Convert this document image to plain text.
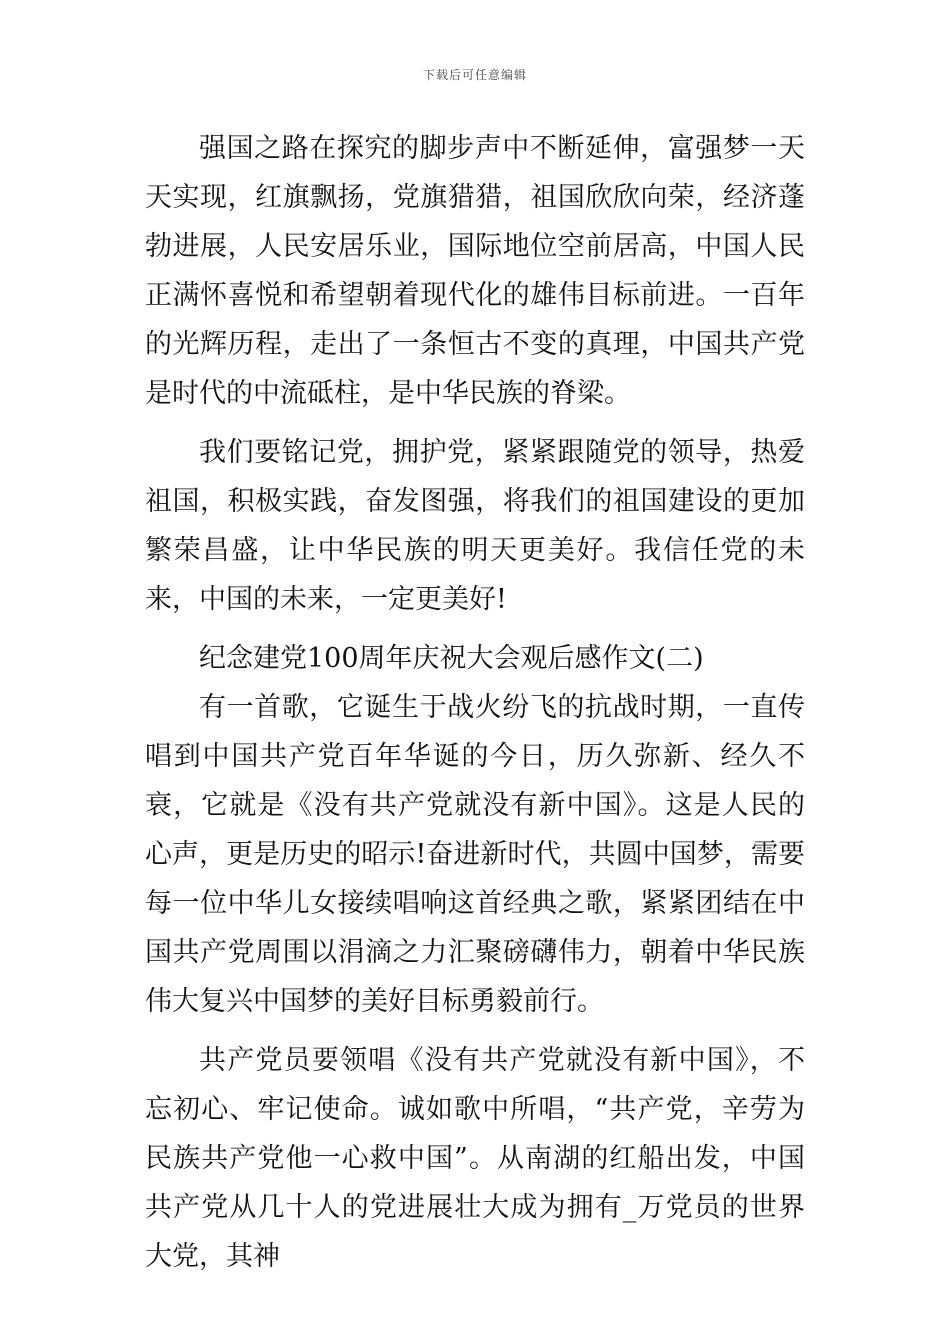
下载后可任意编辑

强国之路在探究的脚步声中不断延伸，富强梦一天天实现，红旗飘扬，党旗猎猎，祖国欣欣向荣，经济蓬勃进展，人民安居乐业，国际地位空前居高，中国人民正满怀喜悦和希望朝着现代化的雄伟目标前进。一百年的光辉历程，走出了一条恒古不变的真理，中国共产党是时代的中流砥柱，是中华民族的脊梁。

我们要铭记党，拥护党，紧紧跟随党的领导，热爱祖国，积极实践，奋发图强，将我们的祖国建设的更加繁荣昌盛，让中华民族的明天更美好。我信任党的未来，中国的未来，一定更美好!

纪念建党100周年庆祝大会观后感作文(二)

有一首歌，它诞生于战火纷飞的抗战时期，一直传唱到中国共产党百年华诞的今日，历久弥新、经久不衰，它就是《没有共产党就没有新中国》。这是人民的心声，更是历史的昭示!奋进新时代，共圆中国梦，需要每一位中华儿女接续唱响这首经典之歌，紧紧团结在中国共产党周围以涓滴之力汇聚磅礴伟力，朝着中华民族伟大复兴中国梦的美好目标勇毅前行。

共产党员要领唱《没有共产党就没有新中国》，不忘初心、牢记使命。诚如歌中所唱，“共产党，辛劳为民族共产党他一心救中国”。从南湖的红船出发，中国共产党从几十人的党进展壮大成为拥有_万党员的世界大党，其神
